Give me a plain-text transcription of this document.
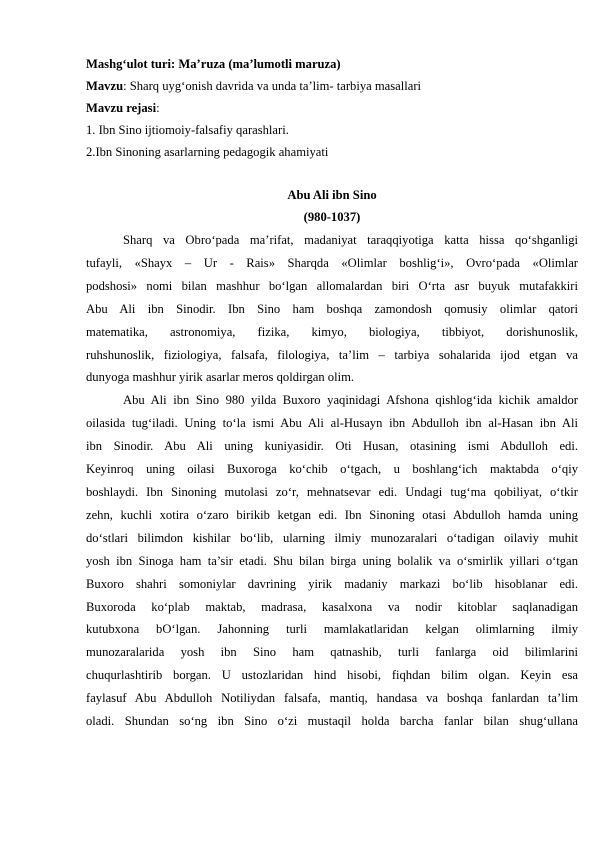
Mashg‘ulot turi: Ma’ruza (ma’lumotli maruza)
Mavzu: Sharq uyg‘onish davrida va unda ta’lim- tarbiya masallari
Mavzu rejasi:
1. Ibn Sino ijtiomoiy-falsafiy qarashlari.
2.Ibn Sinoning asarlarning pedagogik ahamiyati
Abu Ali ibn Sino
(980-1037)
Sharq va Obro‘pada ma’rifat, madaniyat taraqqiyotiga katta hissa qo‘shganligi
tufayli, «Shayx – Ur - Rais» Sharqda «Olimlar boshlig‘i», Ovro‘pada «Olimlar
podshosi» nomi bilan mashhur bo‘lgan allomalardan biri O‘rta asr buyuk mutafakkiri
Abu Ali ibn Sinodir. Ibn Sino ham boshqa zamondosh qomusiy olimlar qatori
matematika, astronomiya, fizika, kimyo, biologiya, tibbiyot, dorishunoslik,
ruhshunoslik, fiziologiya, falsafa, filologiya, ta’lim – tarbiya sohalarida ijod etgan va
dunyoga mashhur yirik asarlar meros qoldirgan olim.
Abu Ali ibn Sino 980 yilda Buxoro yaqinidagi Afshona qishlog‘ida kichik amaldor
oilasida tug‘iladi. Uning to‘la ismi Abu Ali al-Husayn ibn Abdulloh ibn al-Hasan ibn Ali
ibn Sinodir. Abu Ali uning kuniyasidir. Oti Husan, otasining ismi Abdulloh edi.
Keyinroq uning oilasi Buxoroga ko‘chib o‘tgach, u boshlang‘ich maktabda o‘qiy
boshlaydi. Ibn Sinoning mutolasi zo‘r, mehnatsevar edi. Undagi tug‘ma qobiliyat, o‘tkir
zehn, kuchli xotira o‘zaro birikib ketgan edi. Ibn Sinoning otasi Abdulloh hamda uning
do‘stlari bilimdon kishilar bo‘lib, ularning ilmiy munozaralari o‘tadigan oilaviy muhit
yosh ibn Sinoga ham ta’sir etadi. Shu bilan birga uning bolalik va o‘smirlik yillari o‘tgan
Buxoro shahri somoniylar davrining yirik madaniy markazi bo‘lib hisoblanar edi.
Buxoroda ko‘plab maktab, madrasa, kasalxona va nodir kitoblar saqlanadigan
kutubxona bO‘lgan. Jahonning turli mamlakatlaridan kelgan olimlarning ilmiy
munozaralarida yosh ibn Sino ham qatnashib, turli fanlarga oid bilimlarini
chuqurlashtirib borgan. U ustozlaridan hind hisobi, fiqhdan bilim olgan. Keyin esa
faylasuf Abu Abdulloh Notiliydan falsafa, mantiq, handasa va boshqa fanlardan ta’lim
oladi. Shundan so‘ng ibn Sino o‘zi mustaqil holda barcha fanlar bilan shug‘ullana
